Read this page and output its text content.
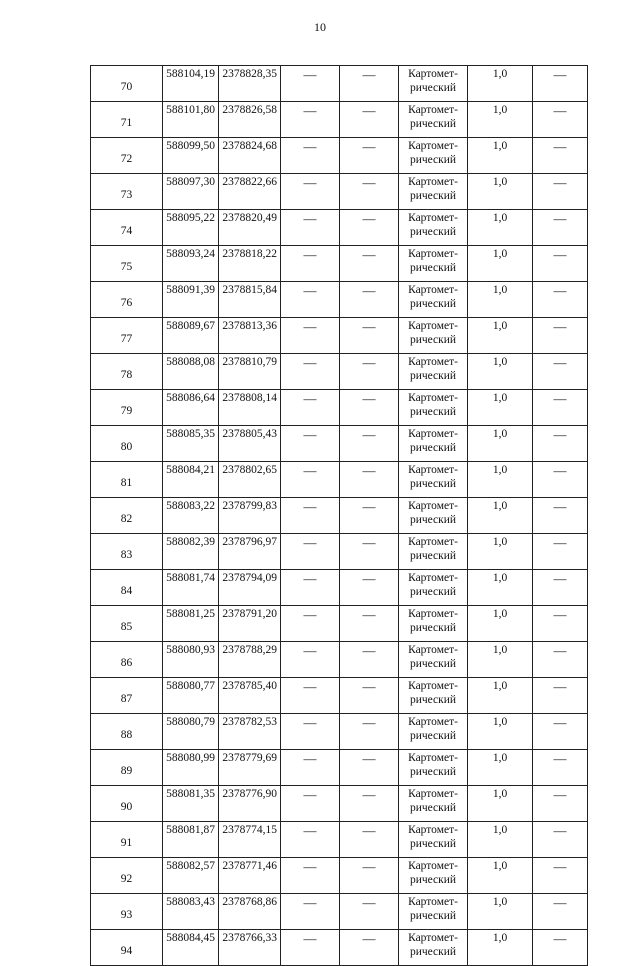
10
70	588104,19	2378828,35	—	—	Картомет-
рический	1,0	—
71	588101,80	2378826,58	—	—	Картомет-
рический	1,0	—
72	588099,50	2378824,68	—	—	Картомет-
рический	1,0	—
73	588097,30	2378822,66	—	—	Картомет-
рический	1,0	—
74	588095,22	2378820,49	—	—	Картомет-
рический	1,0	—
75	588093,24	2378818,22	—	—	Картомет-
рический	1,0	—
76	588091,39	2378815,84	—	—	Картомет-
рический	1,0	—
77	588089,67	2378813,36	—	—	Картомет-
рический	1,0	—
78	588088,08	2378810,79	—	—	Картомет-
рический	1,0	—
79	588086,64	2378808,14	—	—	Картомет-
рический	1,0	—
80	588085,35	2378805,43	—	—	Картомет-
рический	1,0	—
81	588084,21	2378802,65	—	—	Картомет-
рический	1,0	—
82	588083,22	2378799,83	—	—	Картомет-
рический	1,0	—
83	588082,39	2378796,97	—	—	Картомет-
рический	1,0	—
84	588081,74	2378794,09	—	—	Картомет-
рический	1,0	—
85	588081,25	2378791,20	—	—	Картомет-
рический	1,0	—
86	588080,93	2378788,29	—	—	Картомет-
рический	1,0	—
87	588080,77	2378785,40	—	—	Картомет-
рический	1,0	—
88	588080,79	2378782,53	—	—	Картомет-
рический	1,0	—
89	588080,99	2378779,69	—	—	Картомет-
рический	1,0	—
90	588081,35	2378776,90	—	—	Картомет-
рический	1,0	—
91	588081,87	2378774,15	—	—	Картомет-
рический	1,0	—
92	588082,57	2378771,46	—	—	Картомет-
рический	1,0	—
93	588083,43	2378768,86	—	—	Картомет-
рический	1,0	—
94	588084,45	2378766,33	—	—	Картомет-
рический	1,0	—
